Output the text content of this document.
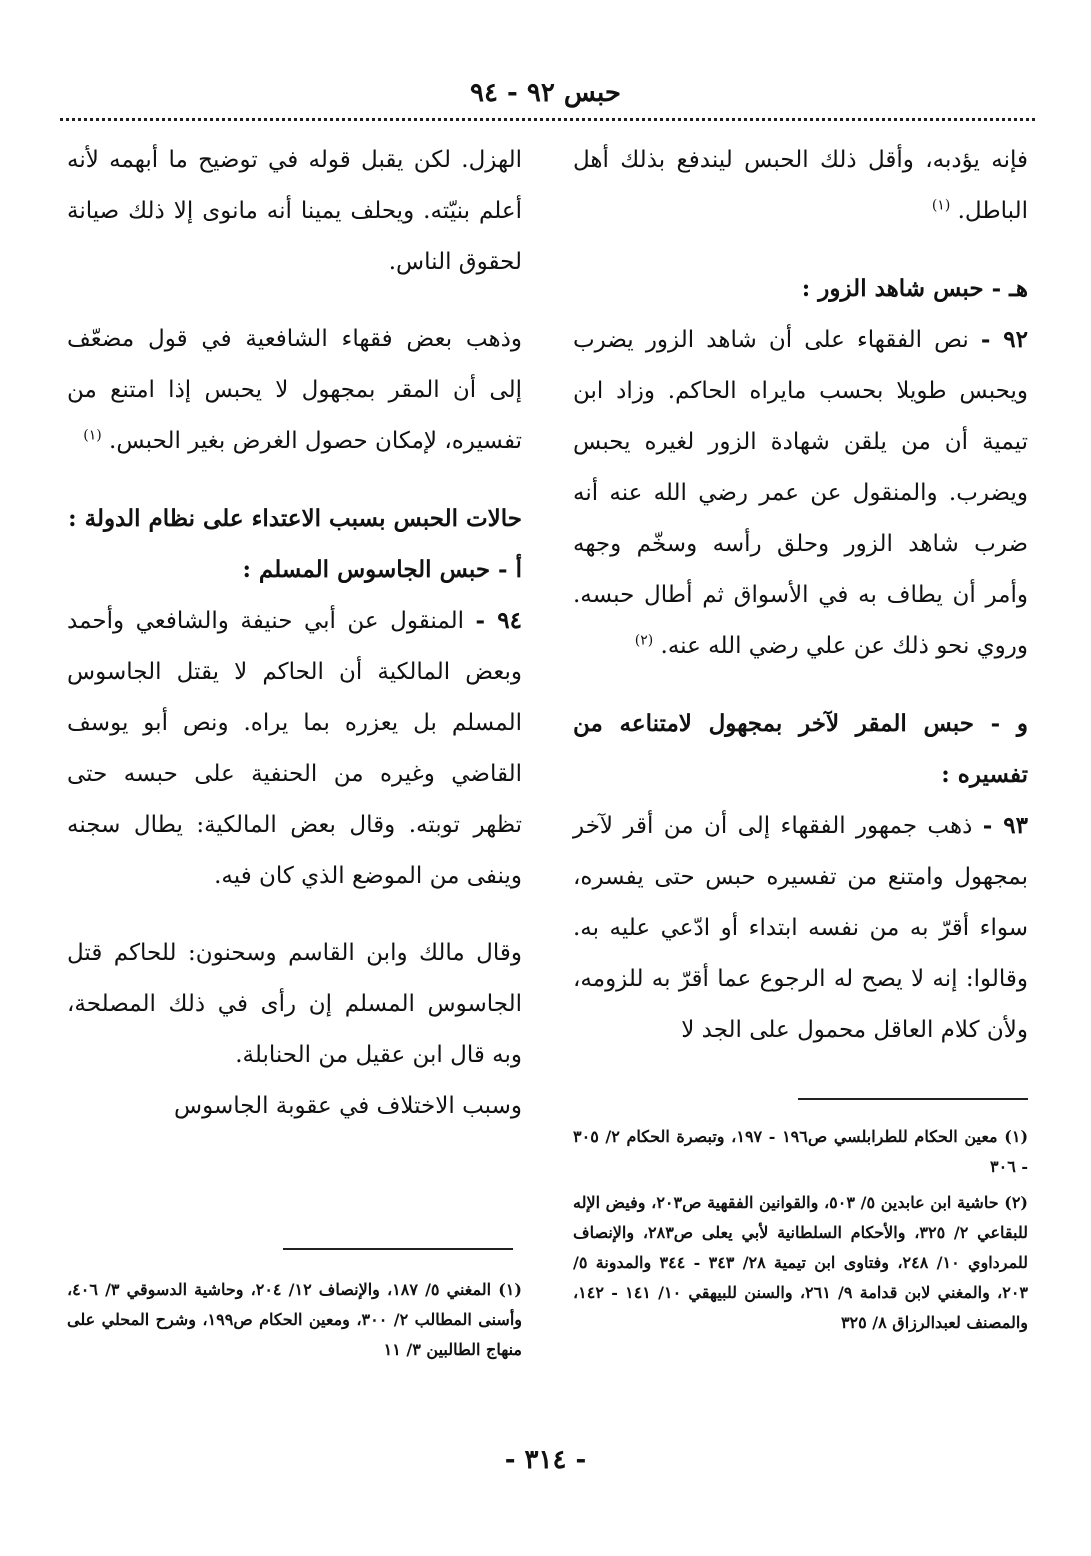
حبس ٩٢ - ٩٤

فإنه يؤدبه، وأقل ذلك الحبس ليندفع بذلك أهل الباطل. $^{(١)}$

هـ - حبس شاهد الزور :

٩٢ - نص الفقهاء على أن شاهد الزور يضرب ويحبس طويلا بحسب مايراه الحاكم. وزاد ابن تيمية أن من يلقن شهادة الزور لغيره يحبس ويضرب. والمنقول عن عمر رضي الله عنه أنه ضرب شاهد الزور وحلق رأسه وسخّم وجهه وأمر أن يطاف به في الأسواق ثم أطال حبسه. وروي نحو ذلك عن علي رضي الله عنه. $^{(٢)}$

و - حبس المقر لآخر بمجهول لامتناعه من تفسيره :

٩٣ - ذهب جمهور الفقهاء إلى أن من أقر لآخر بمجهول وامتنع من تفسيره حبس حتى يفسره، سواء أقرّ به من نفسه ابتداء أو ادّعي عليه به. وقالوا: إنه لا يصح له الرجوع عما أقرّ به للزومه، ولأن كلام العاقل محمول على الجد لا

الهزل. لكن يقبل قوله في توضيح ما أبهمه لأنه أعلم بنيّته. ويحلف يمينا أنه مانوى إلا ذلك صيانة لحقوق الناس.

وذهب بعض فقهاء الشافعية في قول مضعّف إلى أن المقر بمجهول لا يحبس إذا امتنع من تفسيره، لإمكان حصول الغرض بغير الحبس. $^{(١)}$

حالات الحبس بسبب الاعتداء على نظام الدولة :

أ - حبس الجاسوس المسلم :

٩٤ - المنقول عن أبي حنيفة والشافعي وأحمد وبعض المالكية أن الحاكم لا يقتل الجاسوس المسلم بل يعزره بما يراه. ونص أبو يوسف القاضي وغيره من الحنفية على حبسه حتى تظهر توبته. وقال بعض المالكية: يطال سجنه وينفى من الموضع الذي كان فيه.

وقال مالك وابن القاسم وسحنون: للحاكم قتل الجاسوس المسلم إن رأى في ذلك المصلحة، وبه قال ابن عقيل من الحنابلة.

وسبب الاختلاف في عقوبة الجاسوس

(١) معين الحكام للطرابلسي ص١٩٦ - ١٩٧، وتبصرة الحكام ٢/ ٣٠٥ - ٣٠٦

(٢) حاشية ابن عابدين ٥/ ٥٠٣، والقوانين الفقهية ص٢٠٣، وفيض الإله للبقاعي ٢/ ٣٢٥، والأحكام السلطانية لأبي يعلى ص٢٨٣، والإنصاف للمرداوي ١٠/ ٢٤٨، وفتاوى ابن تيمية ٢٨/ ٣٤٣ - ٣٤٤ والمدونة ٥/ ٢٠٣، والمغني لابن قدامة ٩/ ٢٦١، والسنن للبيهقي ١٠/ ١٤١ - ١٤٢، والمصنف لعبدالرزاق ٨/ ٣٢٥

(١) المغني ٥/ ١٨٧، والإنصاف ١٢/ ٢٠٤، وحاشية الدسوقي ٣/ ٤٠٦، وأسنى المطالب ٢/ ٣٠٠، ومعين الحكام ص١٩٩، وشرح المحلي على منهاج الطالبين ٣/ ١١

- ٣١٤ -
